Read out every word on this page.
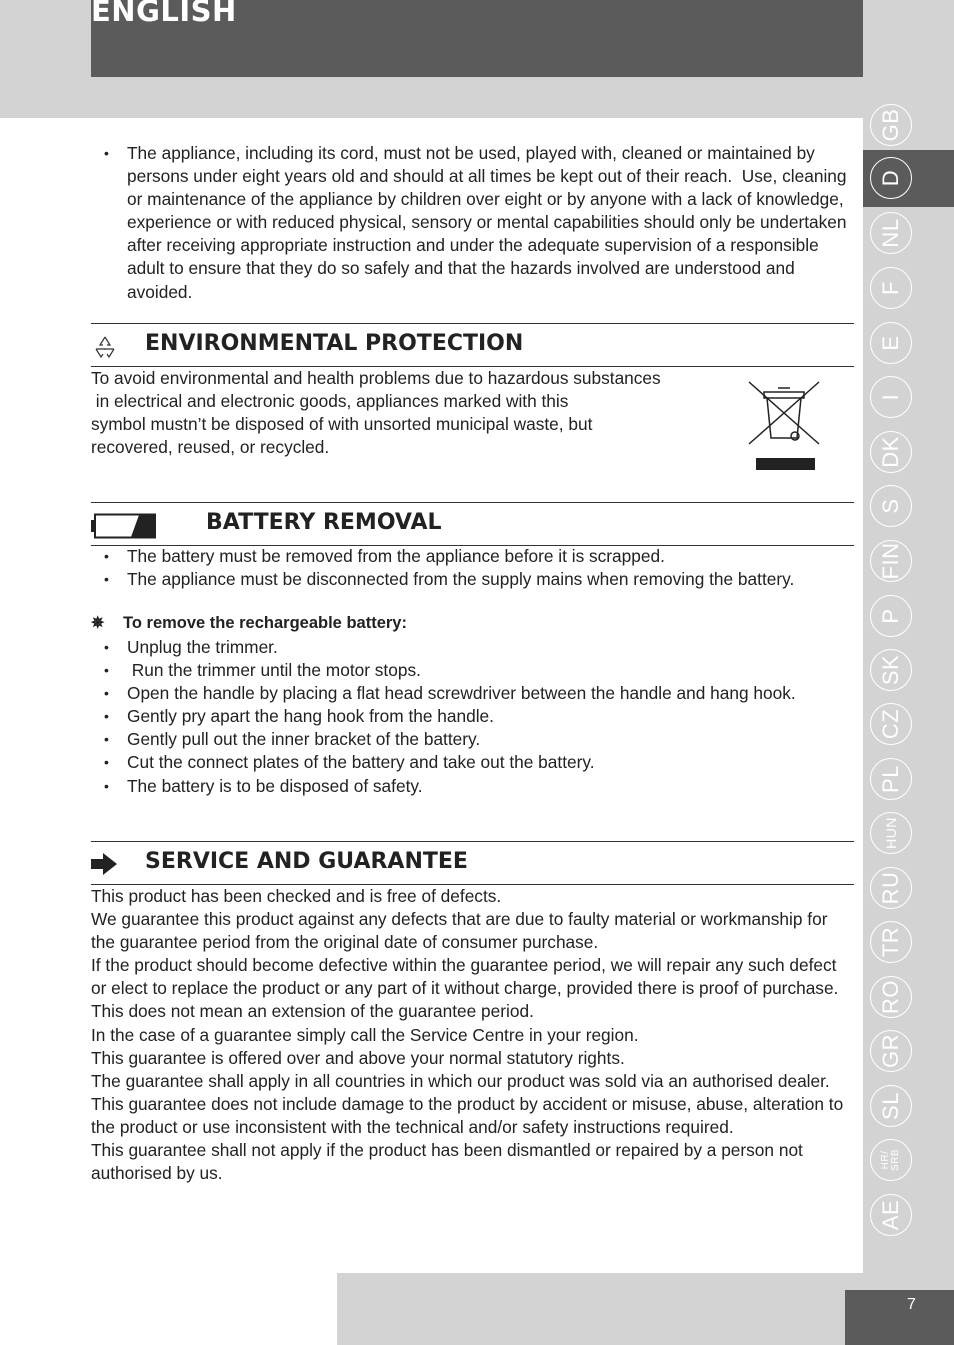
ENGLISH
• The appliance, including its cord, must not be used, played with, cleaned or maintained by persons under eight years old and should at all times be kept out of their reach.  Use, cleaning or maintenance of the appliance by children over eight or by anyone with a lack of knowledge, experience or with reduced physical, sensory or mental capabilities should only be undertaken after receiving appropriate instruction and under the adequate supervision of a responsible adult to ensure that they do so safely and that the hazards involved are understood and avoided.
ENVIRONMENTAL PROTECTION
To avoid environmental and health problems due to hazardous substances
in electrical and electronic goods, appliances marked with this
symbol mustn’t be disposed of with unsorted municipal waste, but
recovered, reused, or recycled.
BATTERY REMOVAL
• The battery must be removed from the appliance before it is scrapped.
• The appliance must be disconnected from the supply mains when removing the battery.
✵ To remove the rechargeable battery:
• Unplug the trimmer.
•  Run the trimmer until the motor stops.
• Open the handle by placing a flat head screwdriver between the handle and hang hook.
• Gently pry apart the hang hook from the handle.
• Gently pull out the inner bracket of the battery.
• Cut the connect plates of the battery and take out the battery.
• The battery is to be disposed of safety.
SERVICE AND GUARANTEE

This product has been checked and is free of defects.

We guarantee this product against any defects that are due to faulty material or workmanship for the guarantee period from the original date of consumer purchase.

If the product should become defective within the guarantee period, we will repair any such defect or elect to replace the product or any part of it without charge, provided there is proof of purchase.

This does not mean an extension of the guarantee period.

In the case of a guarantee simply call the Service Centre in your region.

This guarantee is offered over and above your normal statutory rights.

The guarantee shall apply in all countries in which our product was sold via an authorised dealer.

This guarantee does not include damage to the product by accident or misuse, abuse, alteration to the product or use inconsistent with the technical and/or safety instructions required.

This guarantee shall not apply if the product has been dismantled or repaired by a person not authorised by us.

GB
D
NL
F
E
I
DK
S
FIN
P
SK
CZ
PL
HUN
RU
TR
RO
GR
SL
HR/ SRB
AE
7
